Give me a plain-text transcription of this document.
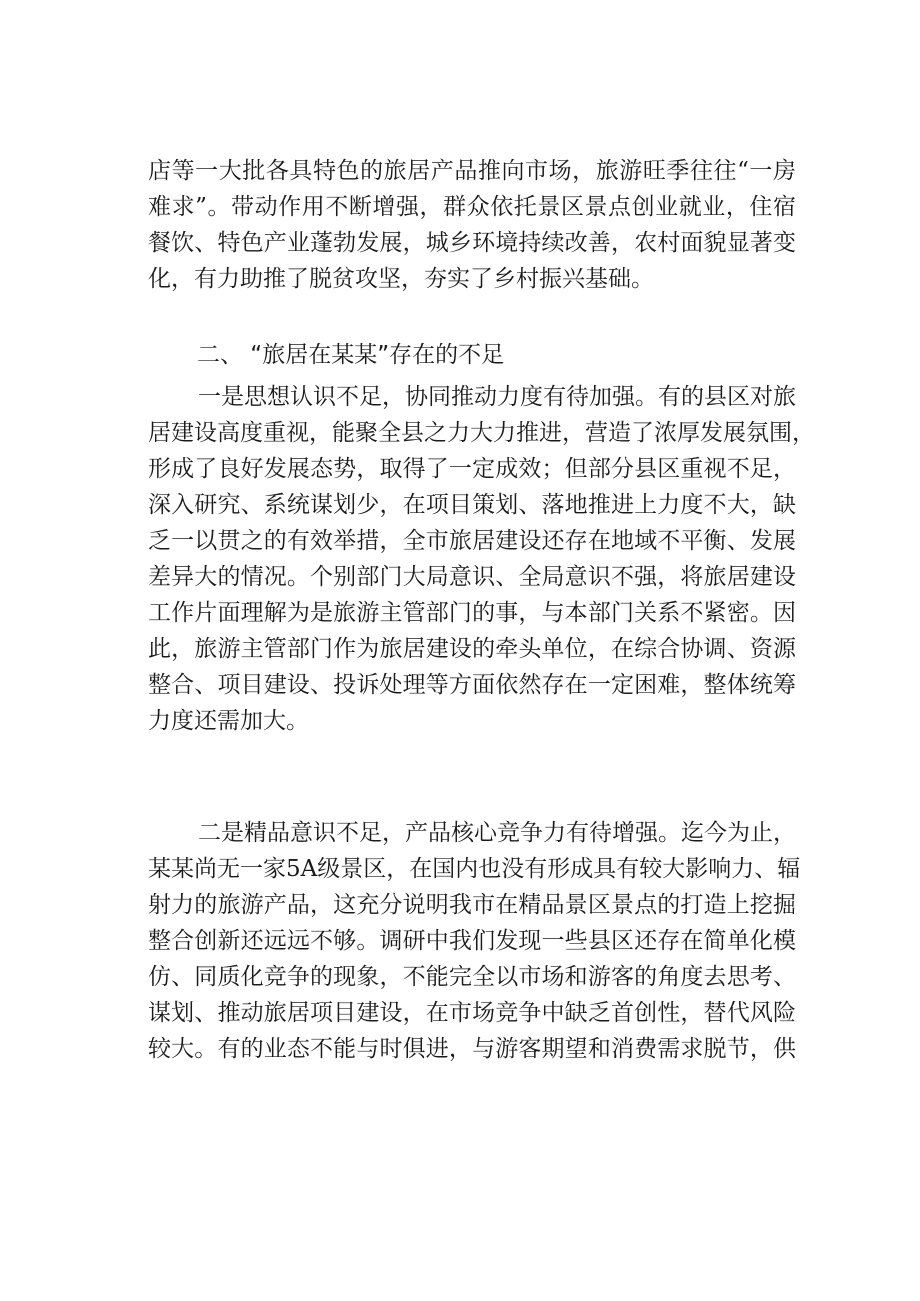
店等一大批各具特色的旅居产品推向市场，旅游旺季往往“一房
难求”。带动作用不断增强，群众依托景区景点创业就业，住宿
餐饮、特色产业蓬勃发展，城乡环境持续改善，农村面貌显著变
化，有力助推了脱贫攻坚，夯实了乡村振兴基础。
二、 “旅居在某某”存在的不足
一是思想认识不足，协同推动力度有待加强。有的县区对旅
居建设高度重视，能聚全县之力大力推进，营造了浓厚发展氛围，
形成了良好发展态势，取得了一定成效；但部分县区重视不足，
深入研究、系统谋划少，在项目策划、落地推进上力度不大，缺
乏一以贯之的有效举措，全市旅居建设还存在地域不平衡、发展
差异大的情况。个别部门大局意识、全局意识不强，将旅居建设
工作片面理解为是旅游主管部门的事，与本部门关系不紧密。因
此，旅游主管部门作为旅居建设的牵头单位，在综合协调、资源
整合、项目建设、投诉处理等方面依然存在一定困难，整体统筹
力度还需加大。
二是精品意识不足，产品核心竞争力有待增强。迄今为止，
某某尚无一家5A级景区，在国内也没有形成具有较大影响力、辐
射力的旅游产品，这充分说明我市在精品景区景点的打造上挖掘
整合创新还远远不够。调研中我们发现一些县区还存在简单化模
仿、同质化竞争的现象，不能完全以市场和游客的角度去思考、
谋划、推动旅居项目建设，在市场竞争中缺乏首创性，替代风险
较大。有的业态不能与时俱进，与游客期望和消费需求脱节，供
